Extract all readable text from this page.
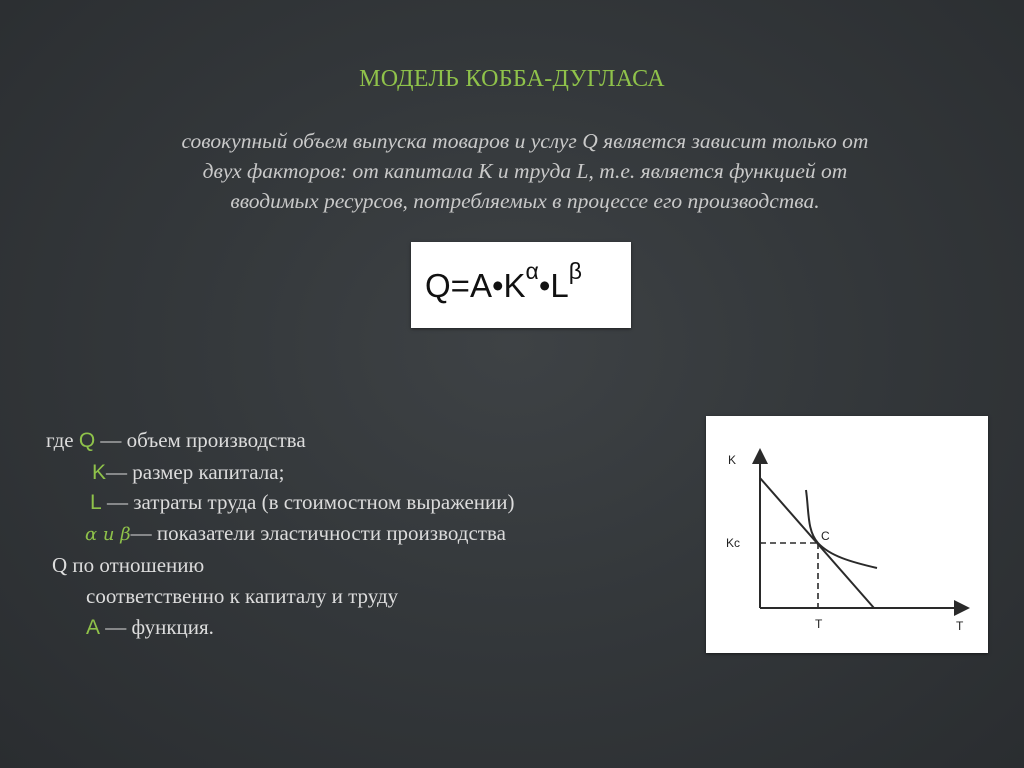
МОДЕЛЬ КОББА-ДУГЛАСА
совокупный объем выпуска товаров и услуг Q является зависит только от
двух факторов: от капитала K и труда L, т.е. является функцией от
вводимых ресурсов, потребляемых в процессе его производства.
$Q=A•K^\alpha•L^\beta$
где Q — объем производства
K— размер капитала;
L — затраты труда (в стоимостном выражении)
α и β— показатели эластичности производства
Q по отношению
соответственно к капиталу и труду
A — функция.
K
T
Kc
T
C
